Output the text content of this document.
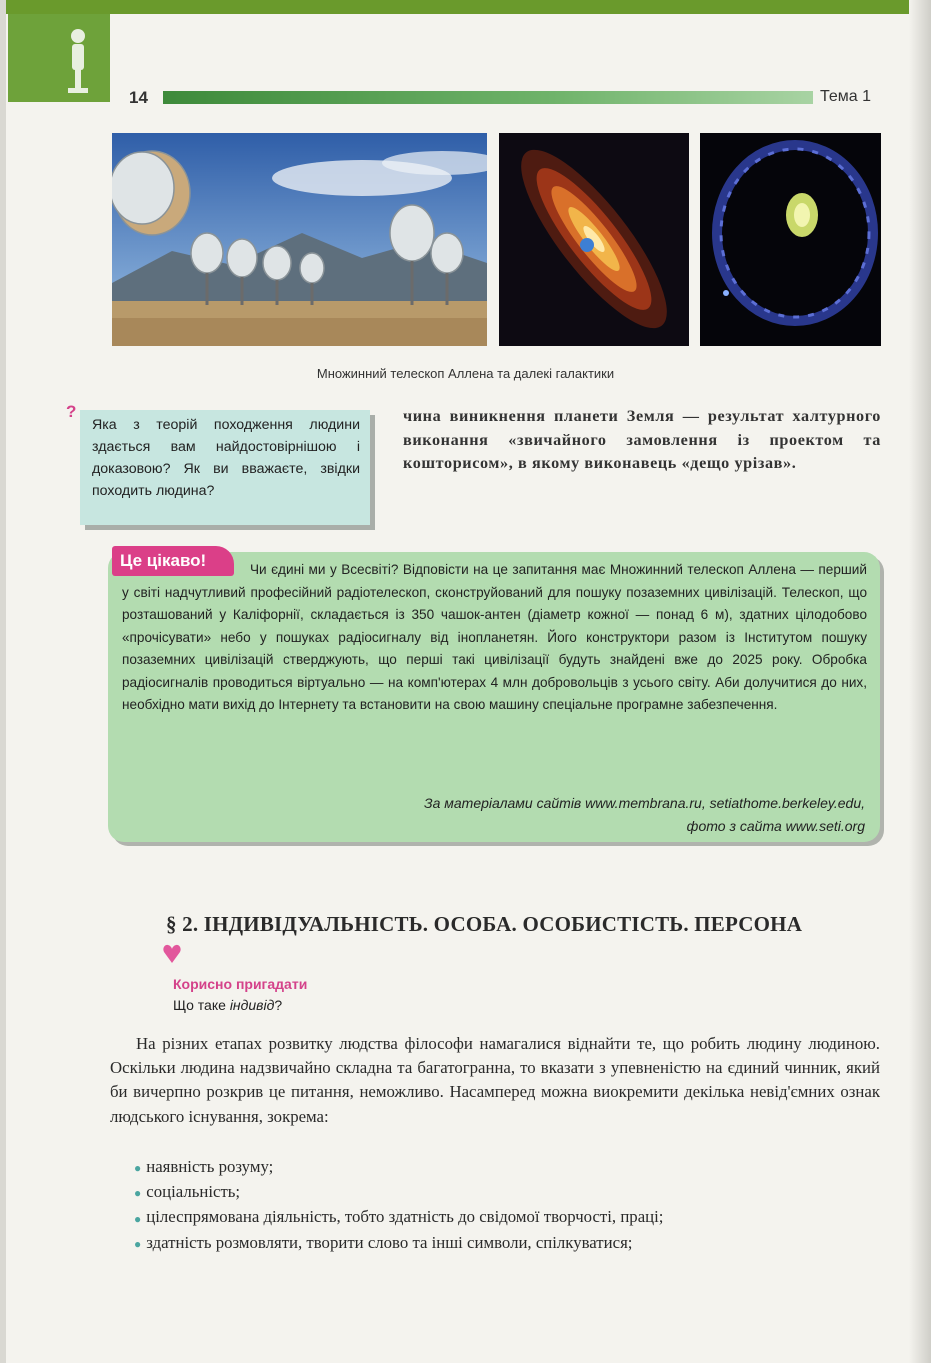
14	Тема 1
Множинний телескоп Аллена та далекі галактики
?
Яка з теорій походження людини здається вам найдостовірнішою і доказовою? Як ви вважаєте, звідки походить людина?
чина виникнення планети Земля — результат халтурного виконання «звичайного замовлення із проектом та кошторисом», в якому виконавець «дещо урізав».
Це цікаво!	Чи єдині ми у Всесвіті? Відповісти на це запитання має Множинний телескоп Аллена — перший у світі надчутливий професійний радіотелескоп, сконструйований для пошуку позаземних цивілізацій. Телескоп, що розташований у Каліфорнії, складається із 350 чашок-антен (діаметр кожної — понад 6 м), здатних цілодобово «прочісувати» небо у пошуках радіосигналу від інопланетян. Його конструктори разом із Інститутом пошуку позаземних цивілізацій стверджують, що перші такі цивілізації будуть знайдені вже до 2025 року. Обробка радіосигналів проводиться віртуально — на комп'ютерах 4 млн добровольців з усього світу. Аби долучитися до них, необхідно мати вихід до Інтернету та встановити на свою машину спеціальне програмне забезпечення.
За матеріалами сайтів www.membrana.ru, setiathome.berkeley.edu,
фото з сайта www.seti.org
§ 2. ІНДИВІДУАЛЬНІСТЬ. ОСОБА. ОСОБИСТІСТЬ. ПЕРСОНА
Корисно пригадати
Що таке індивід?

На різних етапах розвитку людства філософи намагалися віднайти те, що робить людину людиною. Оскільки людина надзвичайно складна та багатогранна, то вказати з упевненістю на єдиний чинник, який би вичерпно розкрив це питання, неможливо. Насамперед можна виокремити декілька невід'ємних ознак людського існування, зокрема:

● наявність розуму;
● соціальність;
● цілеспрямована діяльність, тобто здатність до свідомої творчості, праці;
● здатність розмовляти, творити слово та інші символи, спілкуватися;
